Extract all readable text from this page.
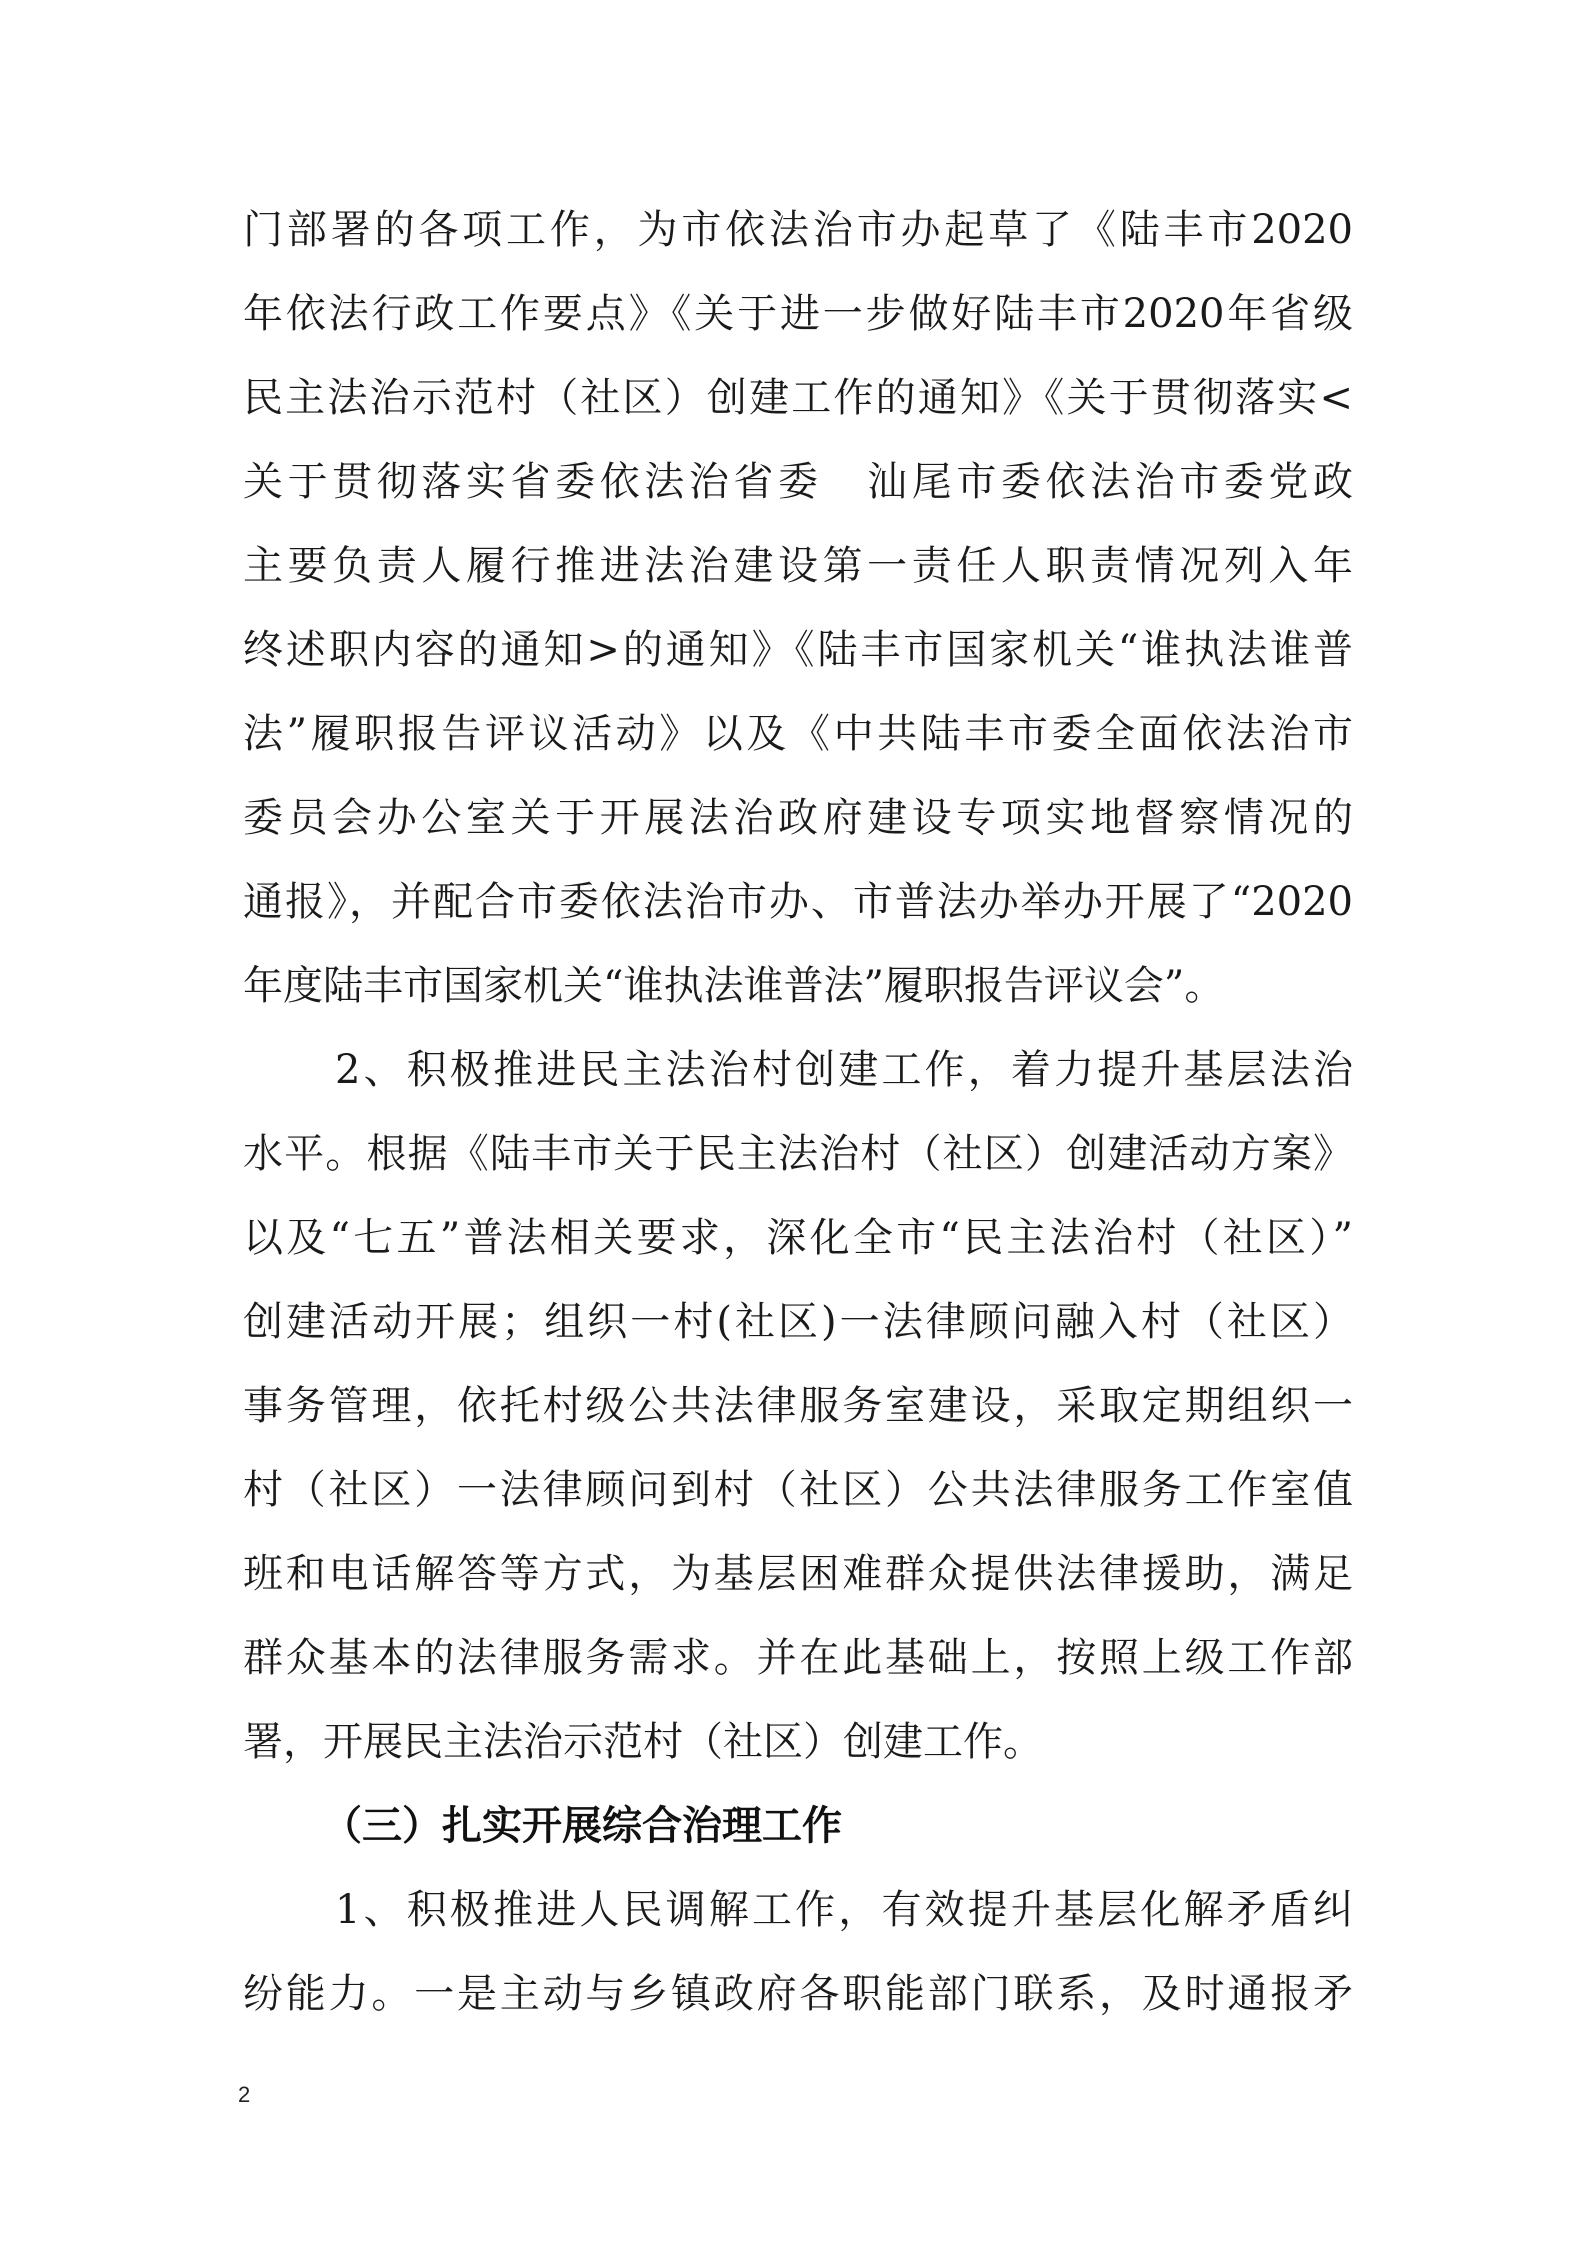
门部署的各项工作，为市依法治市办起草了《陆丰市2020
年依法行政工作要点》《关于进一步做好陆丰市2020年省级
民主法治示范村（社区）创建工作的通知》《关于贯彻落实<
关于贯彻落实省委依法治省委　汕尾市委依法治市委党政
主要负责人履行推进法治建设第一责任人职责情况列入年
终述职内容的通知>的通知》《陆丰市国家机关“谁执法谁普
法”履职报告评议活动》以及《中共陆丰市委全面依法治市
委员会办公室关于开展法治政府建设专项实地督察情况的
通报》，并配合市委依法治市办、市普法办举办开展了“2020
年度陆丰市国家机关“谁执法谁普法”履职报告评议会”。
2、积极推进民主法治村创建工作，着力提升基层法治
水平。根据《陆丰市关于民主法治村（社区）创建活动方案》
以及“七五”普法相关要求，深化全市“民主法治村（社区）”
创建活动开展；组织一村(社区)一法律顾问融入村（社区）
事务管理，依托村级公共法律服务室建设，采取定期组织一
村（社区）一法律顾问到村（社区）公共法律服务工作室值
班和电话解答等方式，为基层困难群众提供法律援助，满足
群众基本的法律服务需求。并在此基础上，按照上级工作部
署，开展民主法治示范村（社区）创建工作。
（三）扎实开展综合治理工作
1、积极推进人民调解工作，有效提升基层化解矛盾纠
纷能力。一是主动与乡镇政府各职能部门联系，及时通报矛
2
